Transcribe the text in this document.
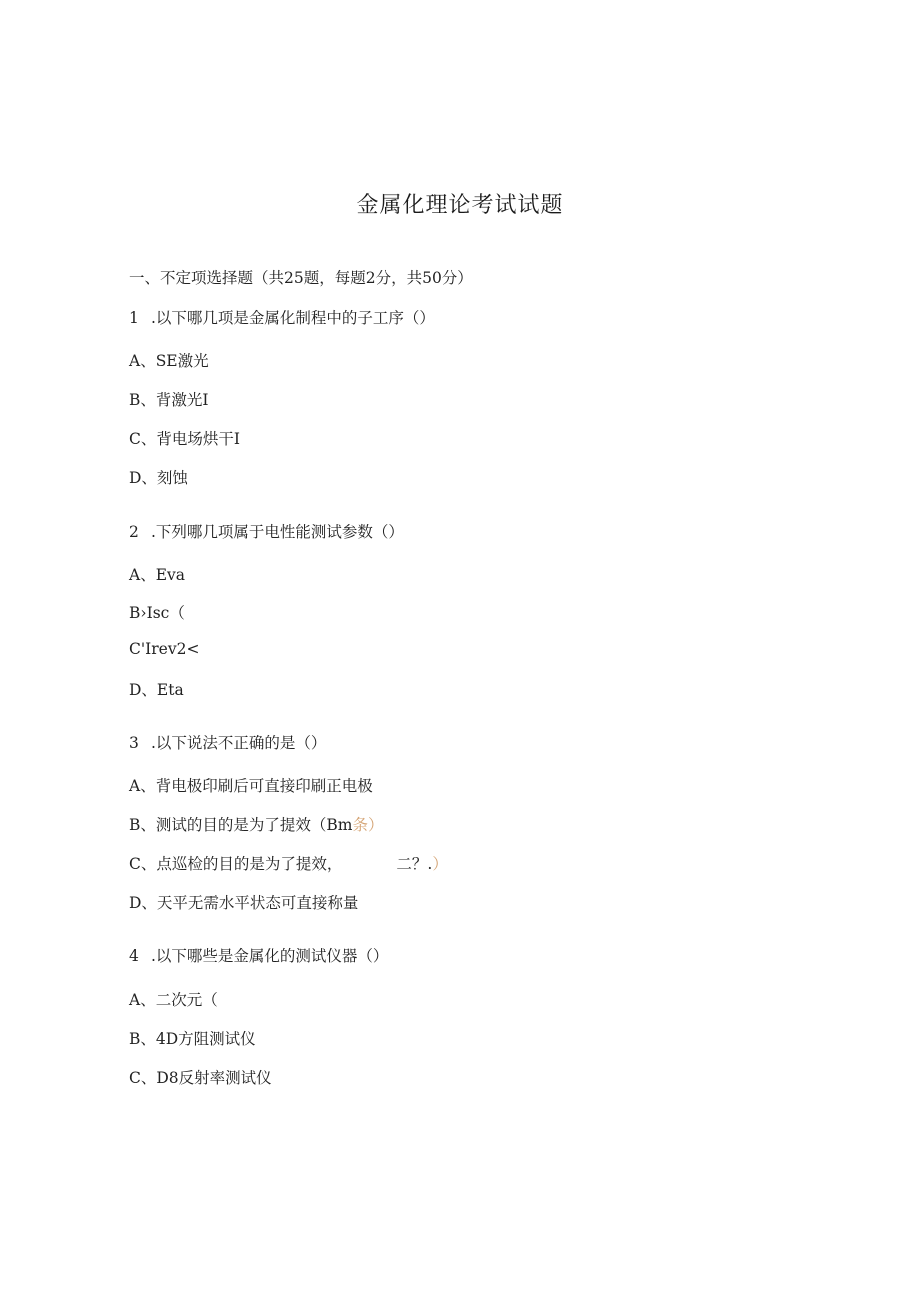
金属化理论考试试题
一、不定项选择题（共25题，每题2分，共50分）
1 .以下哪几项是金属化制程中的子工序（）
A、SE激光
B、背激光I
C、背电场烘干I
D、刻蚀
2 .下列哪几项属于电性能测试参数（）
A、Eva
B›Isc（
C'Irev2<
D、Eta
3 .以下说法不正确的是（）
A、背电极印刷后可直接印刷正电极
B、测试的目的是为了提效（Bm条）
C、点巡检的目的是为了提效，	二？.）
D、天平无需水平状态可直接称量
4 .以下哪些是金属化的测试仪器（）
A、二次元（
B、4D方阻测试仪
C、D8反射率测试仪
